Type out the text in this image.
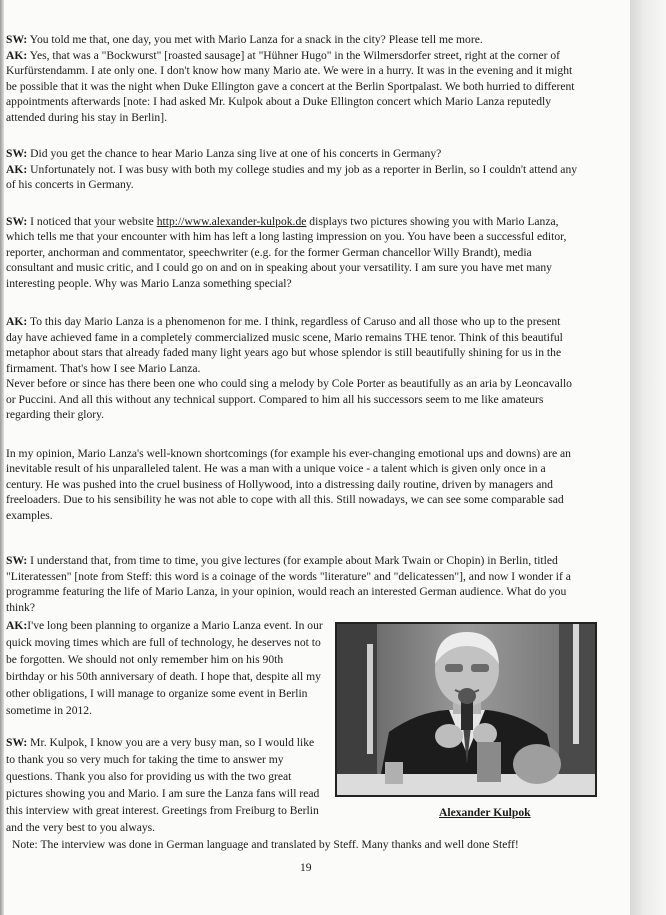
SW: You told me that, one day, you met with Mario Lanza for a snack in the city? Please tell me more.

AK: Yes, that was a "Bockwurst" [roasted sausage] at "Hühner Hugo" in the Wilmersdorfer street, right at the corner of Kurfürstendamm. I ate only one. I don't know how many Mario ate. We were in a hurry. It was in the evening and it might be possible that it was the night when Duke Ellington gave a concert at the Berlin Sportpalast. We both hurried to different appointments afterwards [note: I had asked Mr. Kulpok about a Duke Ellington concert which Mario Lanza reputedly attended during his stay in Berlin].

SW: Did you get the chance to hear Mario Lanza sing live at one of his concerts in Germany?

AK: Unfortunately not. I was busy with both my college studies and my job as a reporter in Berlin, so I couldn't attend any of his concerts in Germany.

SW: I noticed that your website http://www.alexander-kulpok.de displays two pictures showing you with Mario Lanza, which tells me that your encounter with him has left a long lasting impression on you. You have been a successful editor, reporter, anchorman and commentator, speechwriter (e.g. for the former German chancellor Willy Brandt), media consultant and music critic, and I could go on and on in speaking about your versatility. I am sure you have met many interesting people. Why was Mario Lanza something special?

AK: To this day Mario Lanza is a phenomenon for me. I think, regardless of Caruso and all those who up to the present day have achieved fame in a completely commercialized music scene, Mario remains THE tenor. Think of this beautiful metaphor about stars that already faded many light years ago but whose splendor is still beautifully shining for us in the firmament. That's how I see Mario Lanza.

Never before or since has there been one who could sing a melody by Cole Porter as beautifully as an aria by Leoncavallo or Puccini. And all this without any technical support. Compared to him all his successors seem to me like amateurs regarding their glory.

In my opinion, Mario Lanza's well-known shortcomings (for example his ever-changing emotional ups and downs) are an inevitable result of his unparalleled talent. He was a man with a unique voice - a talent which is given only once in a century. He was pushed into the cruel business of Hollywood, into a distressing daily routine, driven by managers and freeloaders. Due to his sensibility he was not able to cope with all this. Still nowadays, we can see some comparable sad examples.

SW: I understand that, from time to time, you give lectures (for example about Mark Twain or Chopin) in Berlin, titled "Literatessen" [note from Steff: this word is a coinage of the words "literature" and "delicatessen"], and now I wonder if a programme featuring the life of Mario Lanza, in your opinion, would reach an interested German audience. What do you think?

AK:I've long been planning to organize a Mario Lanza event. In our quick moving times which are full of technology, he deserves not to be forgotten. We should not only remember him on his 90th birthday or his 50th anniversary of death. I hope that, despite all my other obligations, I will manage to organize some event in Berlin sometime in 2012.

SW: Mr. Kulpok, I know you are a very busy man, so I would like to thank you so very much for taking the time to answer my questions. Thank you also for providing us with the two great pictures showing you and Mario. I am sure the Lanza fans will read this interview with great interest. Greetings from Freiburg to Berlin and the very best to you always.

Alexander Kulpok
Note: The interview was done in German language and translated by Steff. Many thanks and well done Steff!
19
